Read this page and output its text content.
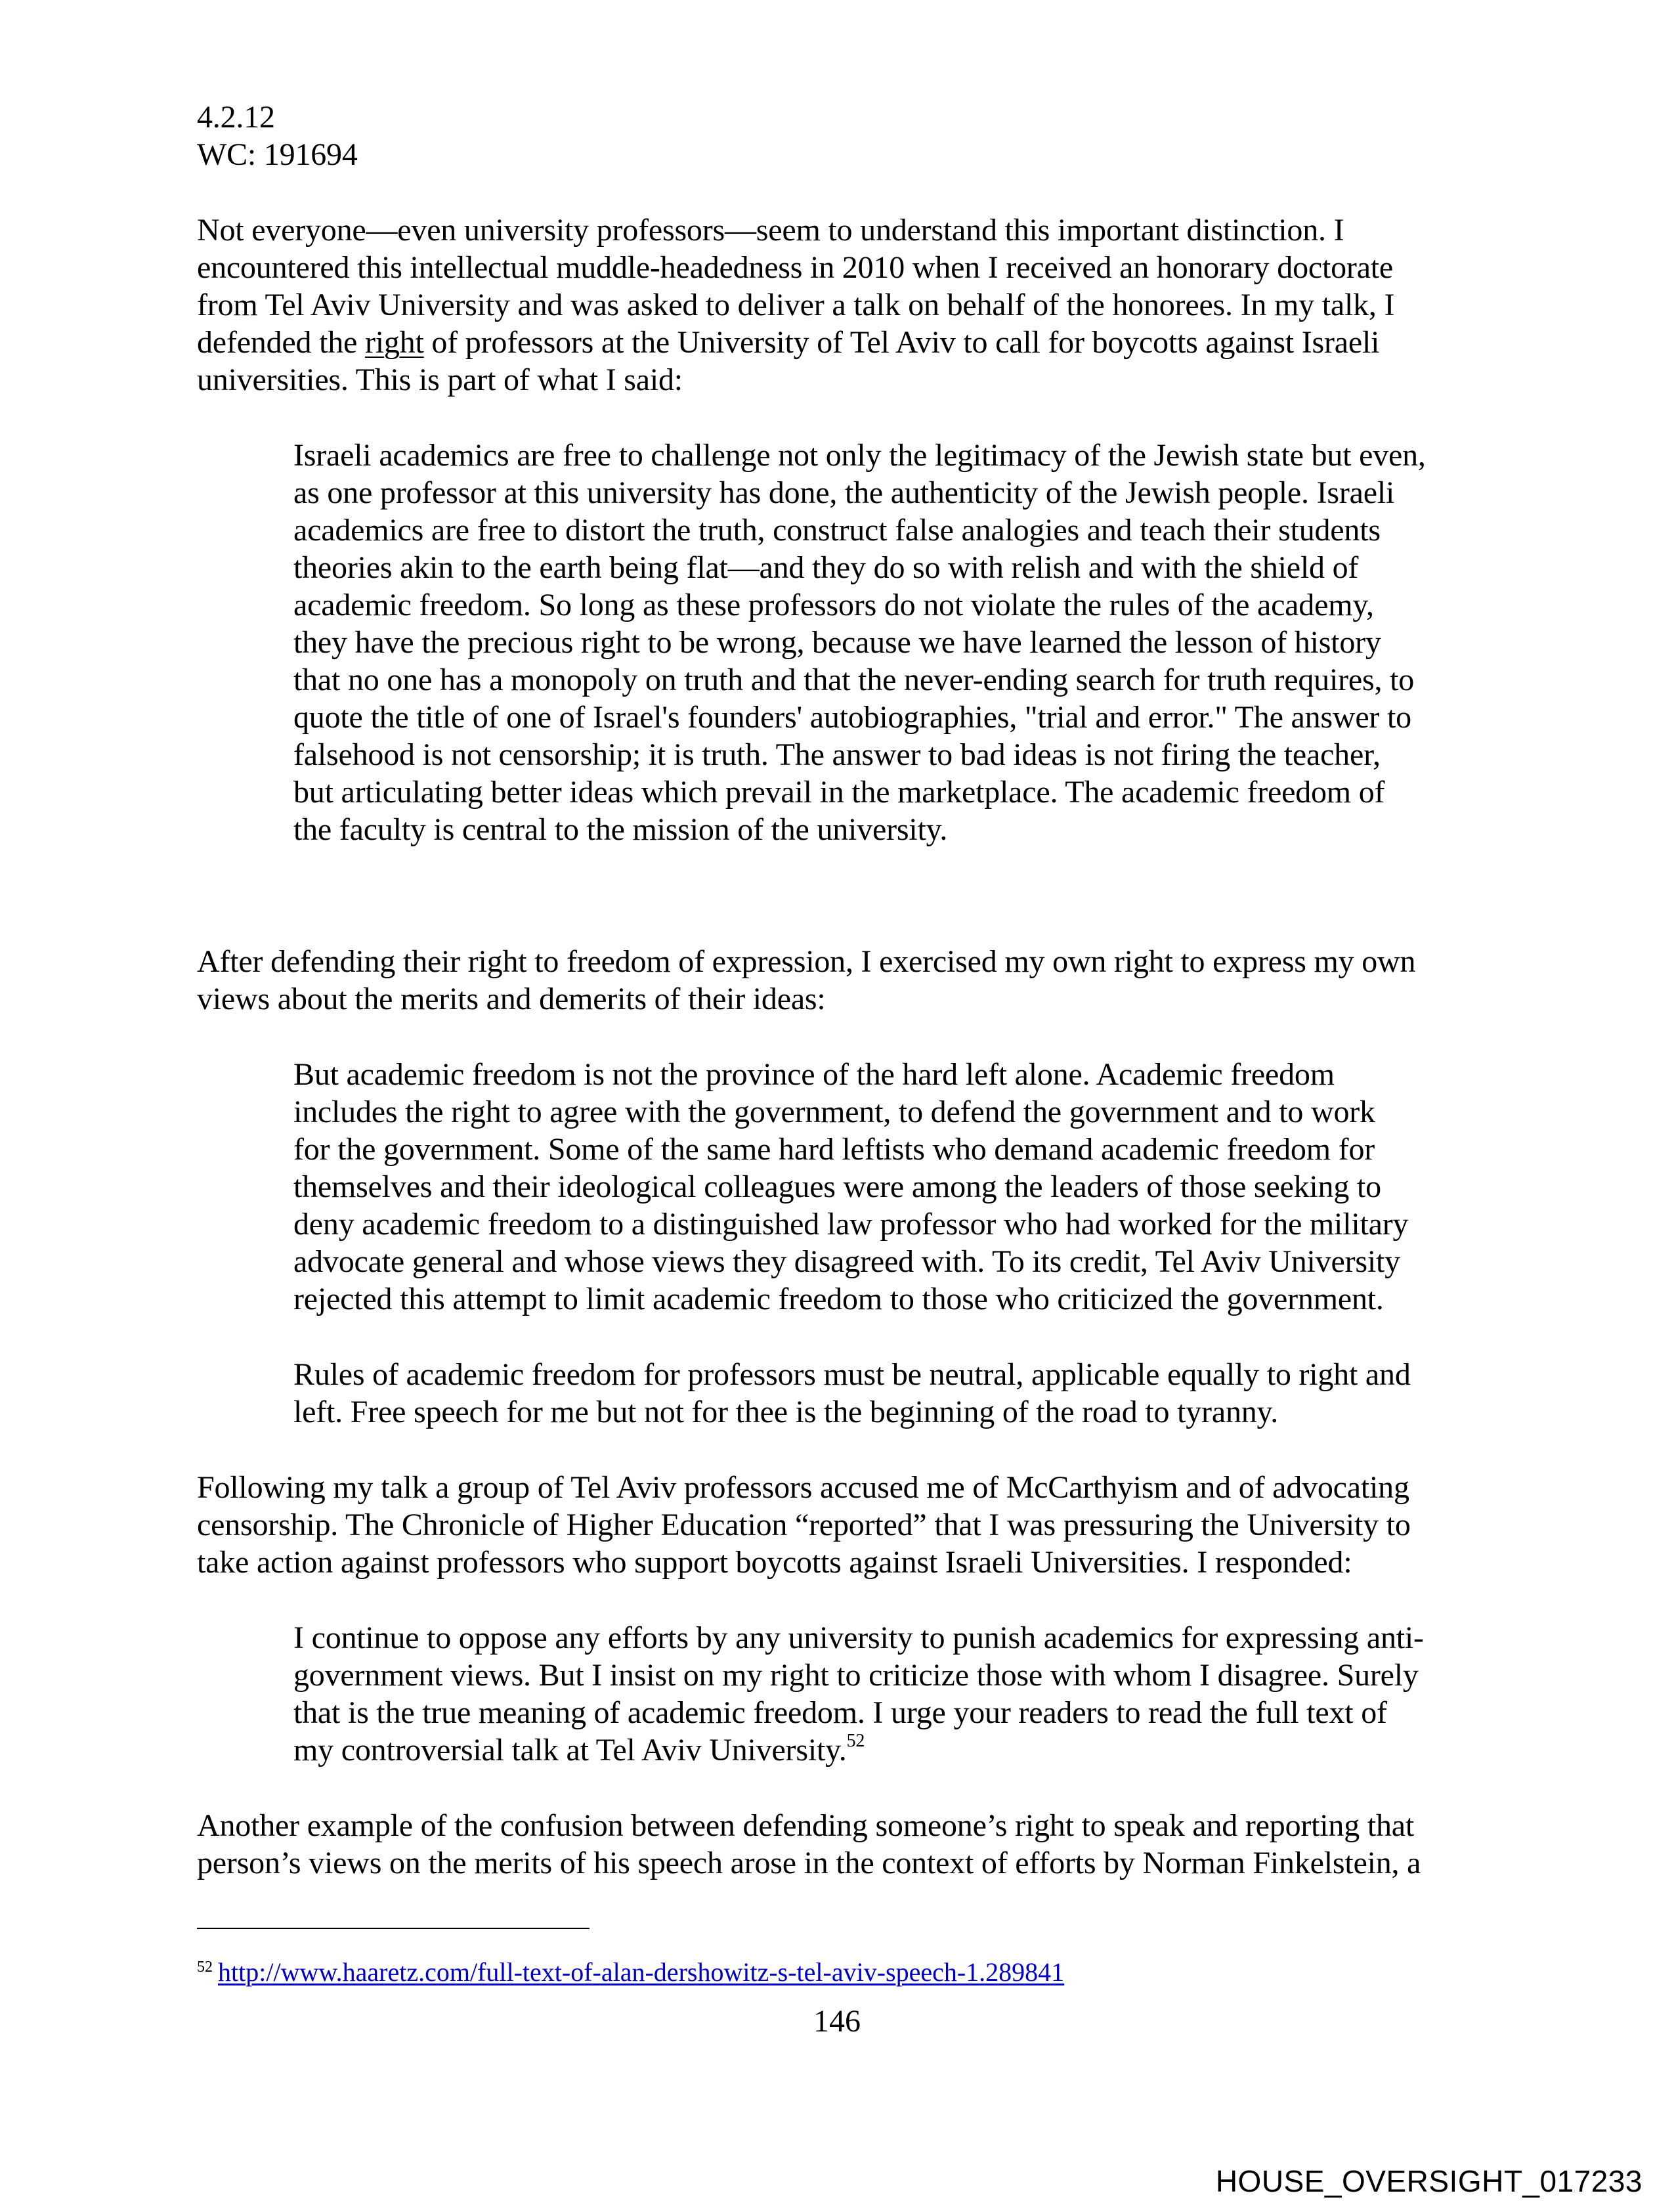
4.2.12
WC: 191694
Not everyone—even university professors—seem to understand this important distinction. I
encountered this intellectual muddle-headedness in 2010 when I received an honorary doctorate
from Tel Aviv University and was asked to deliver a talk on behalf of the honorees. In my talk, I
defended the right of professors at the University of Tel Aviv to call for boycotts against Israeli
universities. This is part of what I said:
Israeli academics are free to challenge not only the legitimacy of the Jewish state but even,
as one professor at this university has done, the authenticity of the Jewish people. Israeli
academics are free to distort the truth, construct false analogies and teach their students
theories akin to the earth being flat—and they do so with relish and with the shield of
academic freedom. So long as these professors do not violate the rules of the academy,
they have the precious right to be wrong, because we have learned the lesson of history
that no one has a monopoly on truth and that the never-ending search for truth requires, to
quote the title of one of Israel's founders' autobiographies, "trial and error." The answer to
falsehood is not censorship; it is truth. The answer to bad ideas is not firing the teacher,
but articulating better ideas which prevail in the marketplace. The academic freedom of
the faculty is central to the mission of the university.
After defending their right to freedom of expression, I exercised my own right to express my own
views about the merits and demerits of their ideas:
But academic freedom is not the province of the hard left alone. Academic freedom
includes the right to agree with the government, to defend the government and to work
for the government. Some of the same hard leftists who demand academic freedom for
themselves and their ideological colleagues were among the leaders of those seeking to
deny academic freedom to a distinguished law professor who had worked for the military
advocate general and whose views they disagreed with. To its credit, Tel Aviv University
rejected this attempt to limit academic freedom to those who criticized the government.
Rules of academic freedom for professors must be neutral, applicable equally to right and
left. Free speech for me but not for thee is the beginning of the road to tyranny.
Following my talk a group of Tel Aviv professors accused me of McCarthyism and of advocating
censorship. The Chronicle of Higher Education “reported” that I was pressuring the University to
take action against professors who support boycotts against Israeli Universities. I responded:
I continue to oppose any efforts by any university to punish academics for expressing anti-
government views. But I insist on my right to criticize those with whom I disagree. Surely
that is the true meaning of academic freedom. I urge your readers to read the full text of
my controversial talk at Tel Aviv University.$^{52}$
Another example of the confusion between defending someone’s right to speak and reporting that
person’s views on the merits of his speech arose in the context of efforts by Norman Finkelstein, a
$^{52}$ http://www.haaretz.com/full-text-of-alan-dershowitz-s-tel-aviv-speech-1.289841
146
HOUSE_OVERSIGHT_017233
